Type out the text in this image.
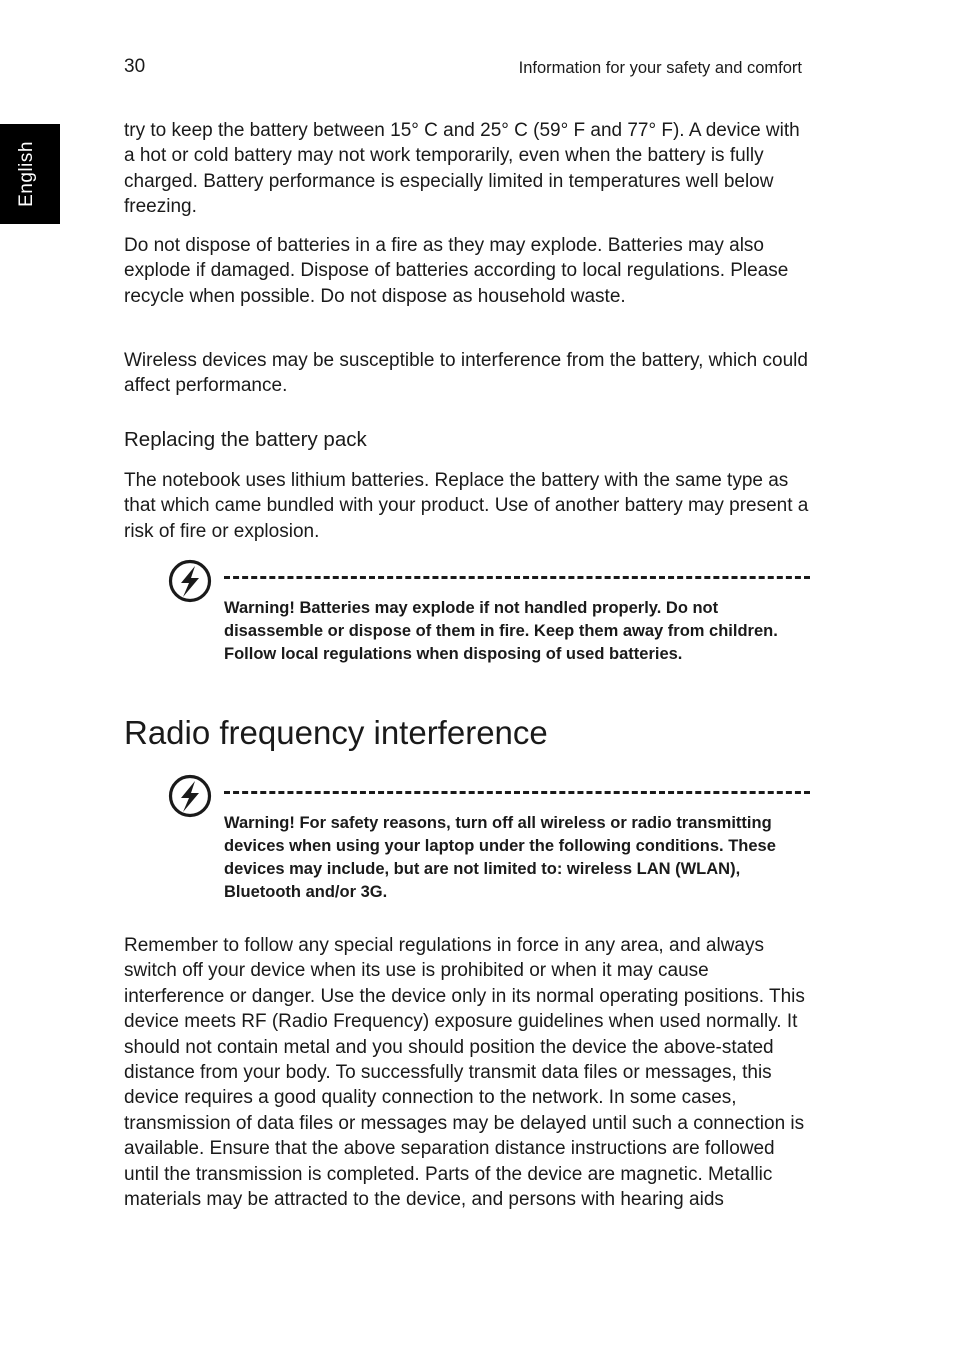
30	Information for your safety and comfort
English

try to keep the battery between 15° C and 25° C (59° F and 77° F). A device with a hot or cold battery may not work temporarily, even when the battery is fully charged. Battery performance is especially limited in temperatures well below freezing.

Do not dispose of batteries in a fire as they may explode. Batteries may also explode if damaged. Dispose of batteries according to local regulations. Please recycle when possible. Do not dispose as household waste.

Wireless devices may be susceptible to interference from the battery, which could affect performance.

Replacing the battery pack

The notebook uses lithium batteries. Replace the battery with the same type as that which came bundled with your product. Use of another battery may present a risk of fire or explosion.

Warning! Batteries may explode if not handled properly. Do not disassemble or dispose of them in fire. Keep them away from children. Follow local regulations when disposing of used batteries.

Radio frequency interference

Warning! For safety reasons, turn off all wireless or radio transmitting devices when using your laptop under the following conditions. These devices may include, but are not limited to: wireless LAN (WLAN), Bluetooth and/or 3G.

Remember to follow any special regulations in force in any area, and always switch off your device when its use is prohibited or when it may cause interference or danger. Use the device only in its normal operating positions. This device meets RF (Radio Frequency) exposure guidelines when used normally. It should not contain metal and you should position the device the above-stated distance from your body. To successfully transmit data files or messages, this device requires a good quality connection to the network. In some cases, transmission of data files or messages may be delayed until such a connection is available. Ensure that the above separation distance instructions are followed until the transmission is completed. Parts of the device are magnetic. Metallic materials may be attracted to the device, and persons with hearing aids
